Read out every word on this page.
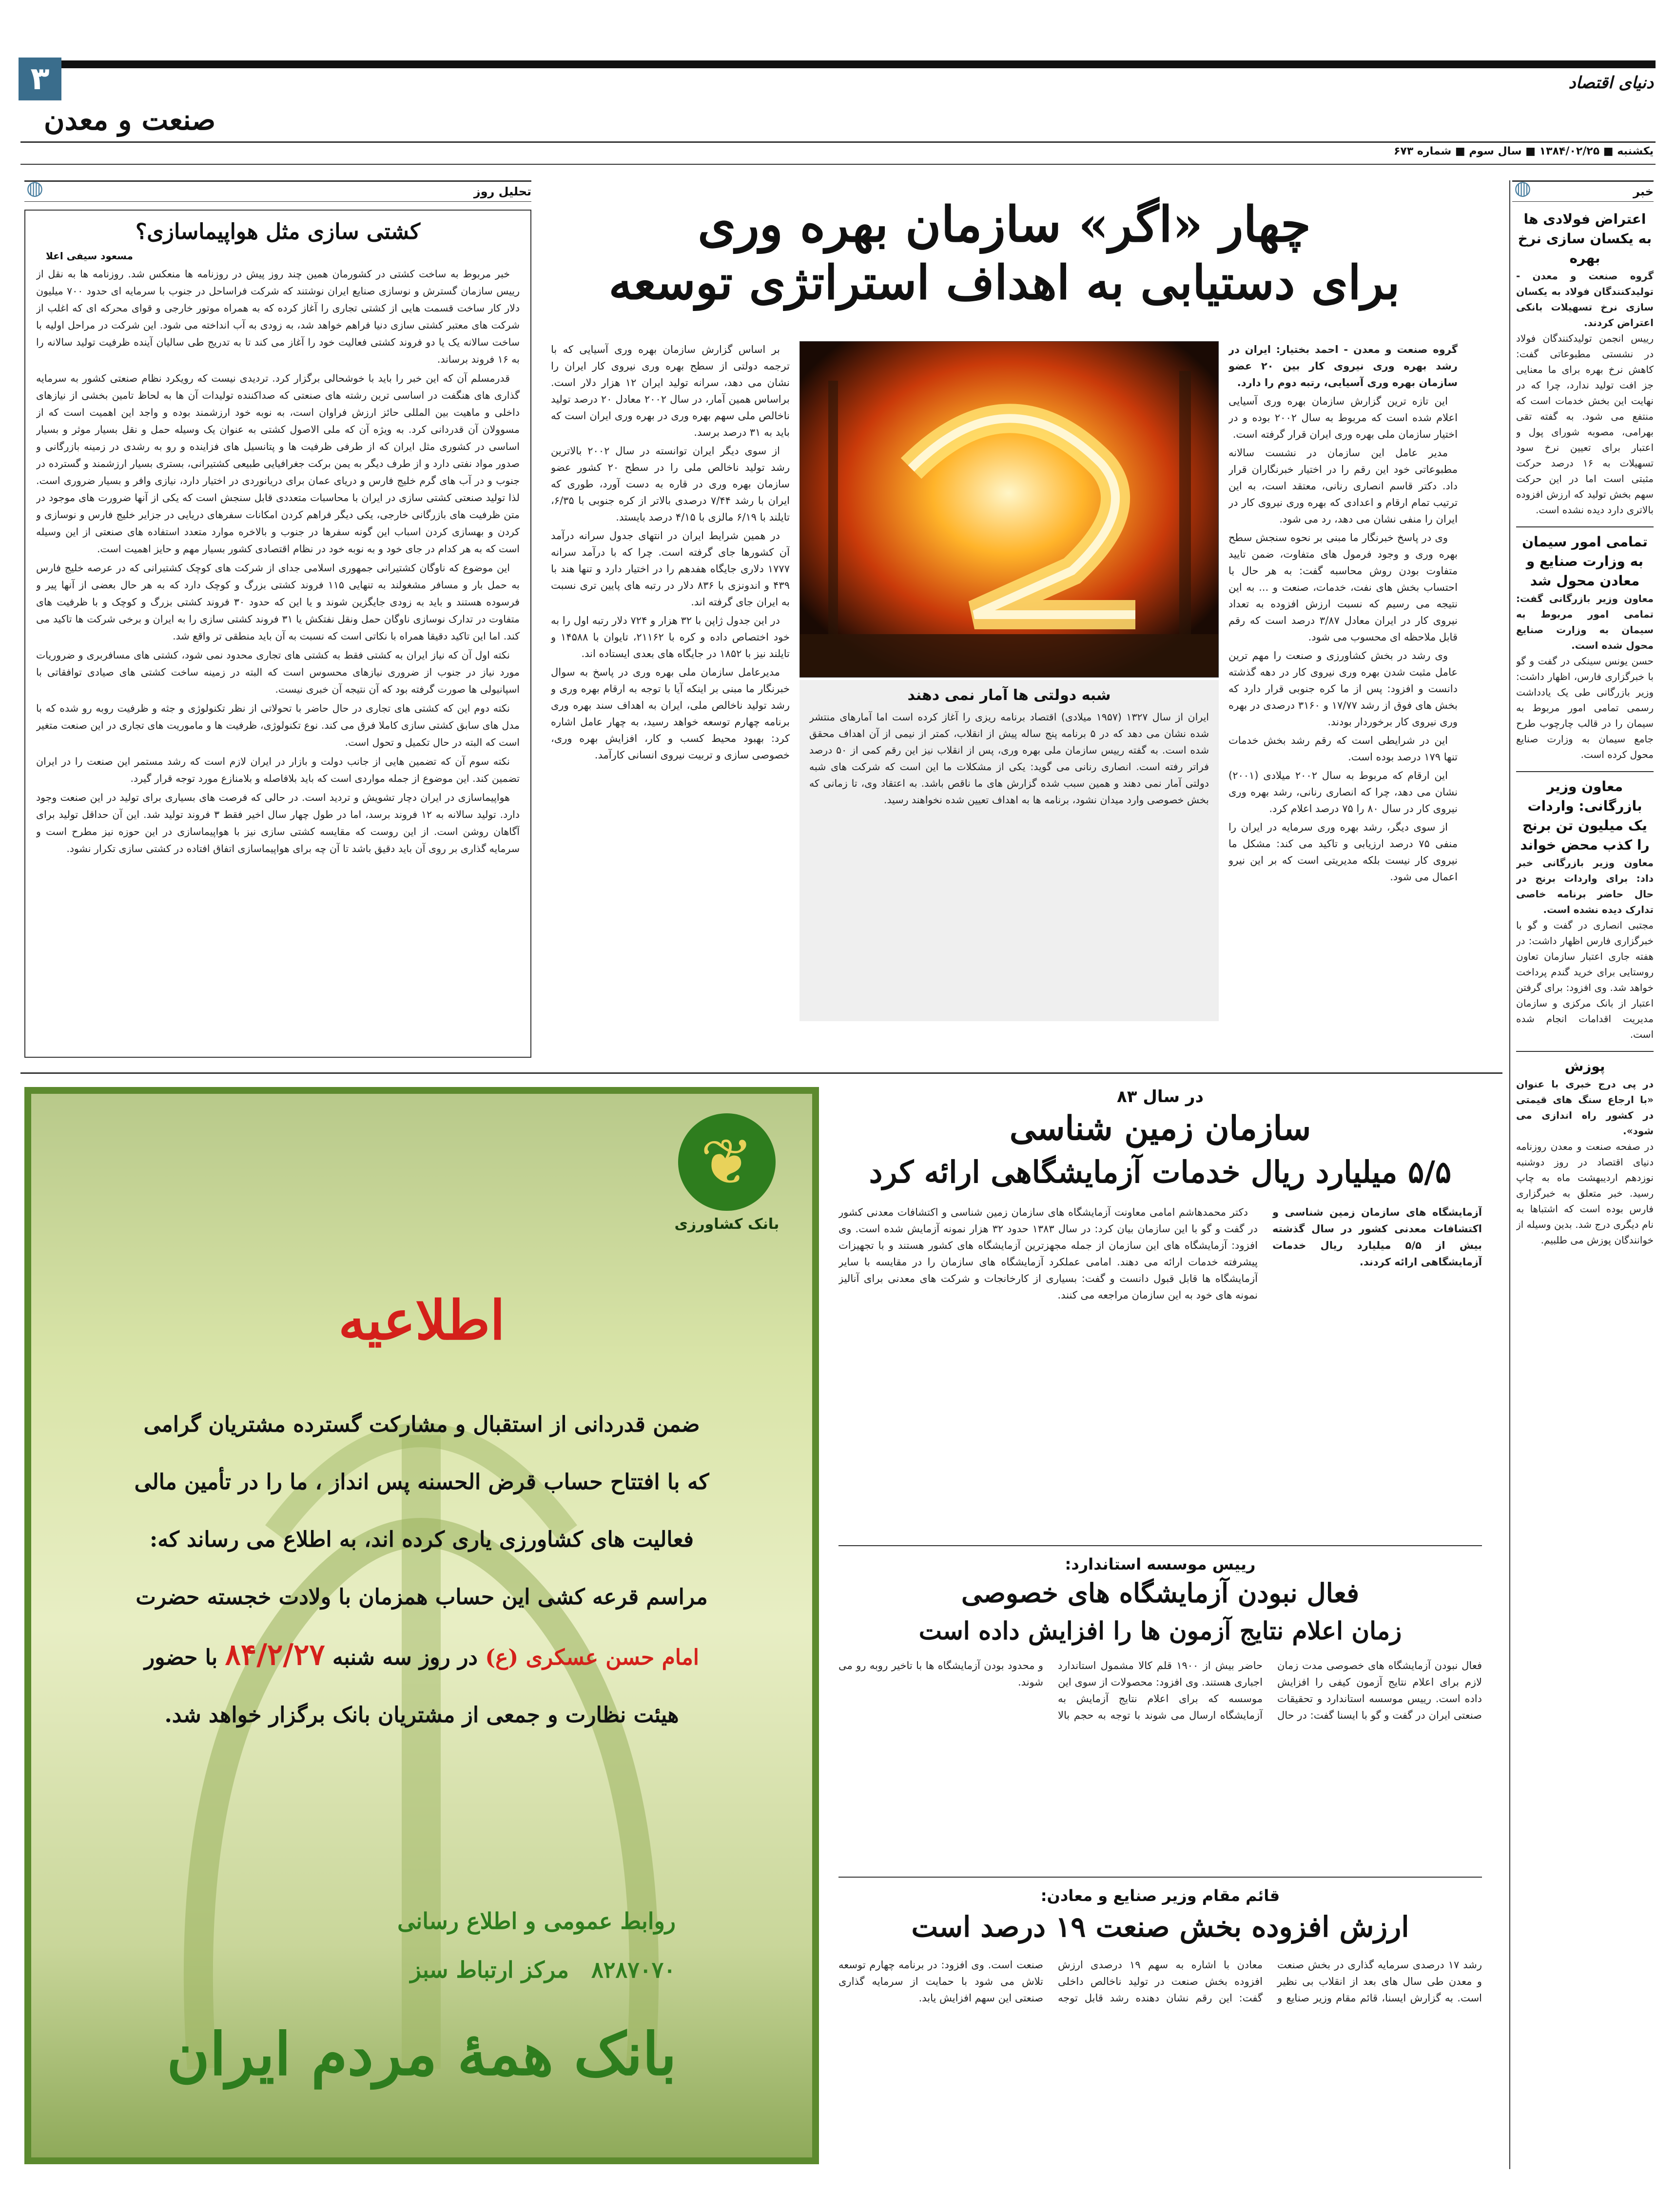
۳	دنیای اقتصاد
صنعت و معدن
یکشنبه ■ ۱۳۸۴/۰۲/۲۵ ■ سال سوم ■ شماره ۶۷۳
تحلیل روز
◍	خبر
◍
کشتی سازی مثل هواپیماسازی؟
مسعود سیفی اعلا

خبر مربوط به ساخت کشتی در کشورمان همین چند روز پیش در روزنامه ها منعکس شد. روزنامه ها به نقل از رییس سازمان گسترش و نوسازی صنایع ایران نوشتند که شرکت فراساحل در جنوب با سرمایه ای حدود ۷۰۰ میلیون دلار کار ساخت قسمت هایی از کشتی تجاری را آغاز کرده که به همراه موتور خارجی و قوای محرکه ای که اغلب از شرکت های معتبر کشتی سازی دنیا فراهم خواهد شد، به زودی به آب انداخته می شود. این شرکت در مراحل اولیه با ساخت سالانه یک یا دو فروند کشتی فعالیت خود را آغاز می کند تا به تدریج طی سالیان آینده ظرفیت تولید سالانه را به ۱۶ فروند برساند.

قدرمسلم آن که این خبر را باید با خوشحالی برگزار کرد. تردیدی نیست که رویکرد نظام صنعتی کشور به سرمایه گذاری های هنگفت در اساسی ترین رشته های صنعتی که صداکننده تولیدات آن ها به لحاظ تامین بخشی از نیازهای داخلی و ماهیت بین المللی حائز ارزش فراوان است، به نوبه خود ارزشمند بوده و واجد این اهمیت است که از مسوولان آن قدردانی کرد. به ویژه آن که ملی الاصول کشتی به عنوان یک وسیله حمل و نقل بسیار موثر و بسیار اساسی در کشوری مثل ایران که از طرفی ظرفیت ها و پتانسیل های فزاینده و رو به رشدی در زمینه بازرگانی و صدور مواد نفتی دارد و از طرف دیگر به یمن برکت جغرافیایی طبیعی کشتیرانی، بستری بسیار ارزشمند و گسترده در جنوب و در آب های گرم خلیج فارس و دریای عمان برای دریانوردی در اختیار دارد، نیازی وافر و بسیار ضروری است. لذا تولید صنعتی کشتی سازی در ایران با محاسبات متعددی قابل سنجش است که یکی از آنها ضرورت های موجود در متن ظرفیت های بازرگانی خارجی، یکی دیگر فراهم کردن امکانات سفرهای دریایی در جزایر خلیج فارس و نوسازی و کردن و بهسازی کردن اسباب این گونه سفرها در جنوب و بالاخره موارد متعدد استفاده های صنعتی از این وسیله است که به هر کدام در جای خود و به نوبه خود در نظام اقتصادی کشور بسیار مهم و حایز اهمیت است.

این موضوع که ناوگان کشتیرانی جمهوری اسلامی جدای از شرکت های کوچک کشتیرانی که در عرصه خلیج فارس به حمل بار و مسافر مشغولند به تنهایی ۱۱۵ فروند کشتی بزرگ و کوچک دارد که به هر حال بعضی از آنها پیر و فرسوده هستند و باید به زودی جایگزین شوند و یا این که حدود ۳۰ فروند کشتی بزرگ و کوچک و با ظرفیت های متفاوت در تدارک نوسازی ناوگان حمل ونقل نفتکش یا ۳۱ فروند کشتی سازی را به ایران و برخی شرکت ها تاکید می کند. اما این تاکید دقیقا همراه با نکاتی است که نسبت به آن باید منطقی تر واقع شد.

نکته اول آن که نیاز ایران به کشتی فقط به کشتی های تجاری محدود نمی شود، کشتی های مسافربری و ضروریات مورد نیاز در جنوب از ضروری نیازهای محسوس است که البته در زمینه ساخت کشتی های صیادی توافقاتی با اسپانیولی ها صورت گرفته بود که آن نتیجه آن خبری نیست.

نکته دوم این که کشتی های تجاری در حال حاضر با تحولاتی از نظر تکنولوژی و جثه و ظرفیت روبه رو شده که با مدل های سابق کشتی سازی کاملا فرق می کند. نوع تکنولوژی، ظرفیت ها و ماموریت های تجاری در این صنعت متغیر است که البته در حال تکمیل و تحول است.

نکته سوم آن که تضمین هایی از جانب دولت و بازار در ایران لازم است که رشد مستمر این صنعت را در ایران تضمین کند. این موضوع از جمله مواردی است که باید بلافاصله و بلامنازع مورد توجه قرار گیرد.

هواپیماسازی در ایران دچار تشویش و تردید است. در حالی که فرصت های بسیاری برای تولید در این صنعت وجود دارد. تولید سالانه به ۱۲ فروند برسد، اما در طول چهار سال اخیر فقط ۳ فروند تولید شد. این آن حداقل تولید برای آگاهان روشن است. از این روست که مقایسه کشتی سازی نیز با هواپیماسازی در این حوزه نیز مطرح است و سرمایه گذاری بر روی آن باید دقیق باشد تا آن چه برای هواپیماسازی اتفاق افتاده در کشتی سازی تکرار نشود.

چهار «اگر» سازمان بهره وری
برای دستیابی به اهداف استراتژی توسعه

گروه صنعت و معدن - احمد بختیار: ایران در رشد بهره وری نیروی کار بین ۲۰ عضو سازمان بهره وری آسیایی، رتبه دوم را دارد.

این تازه ترین گزارش سازمان بهره وری آسیایی اعلام شده است که مربوط به سال ۲۰۰۲ بوده و در اختیار سازمان ملی بهره وری ایران قرار گرفته است.

مدیر عامل این سازمان در نشست سالانه مطبوعاتی خود این رقم را در اختیار خبرنگاران قرار داد. دکتر قاسم انصاری رنانی، معتقد است، به این ترتیب تمام ارقام و اعدادی که بهره وری نیروی کار در ایران را منفی نشان می دهد، رد می شود.

وی در پاسخ خبرنگار ما مبنی بر نحوه سنجش سطح بهره وری و وجود فرمول های متفاوت، ضمن تایید متفاوت بودن روش محاسبه گفت: به هر حال با احتساب بخش های نفت، خدمات، صنعت و ... به این نتیجه می رسیم که نسبت ارزش افزوده به تعداد نیروی کار در ایران معادل ۳/۸۷ درصد است که رقم قابل ملاحظه ای محسوب می شود.

وی رشد در بخش کشاورزی و صنعت را مهم ترین عامل مثبت شدن بهره وری نیروی کار در دهه گذشته دانست و افزود: پس از ما کره جنوبی قرار دارد که بخش های فوق از رشد ۱۷/۷۷ و ۳۱۶۰ درصدی در بهره وری نیروی کار برخوردار بودند.

این در شرایطی است که رقم رشد بخش خدمات تنها ۱۷۹ درصد بوده است.

این ارقام که مربوط به سال ۲۰۰۲ میلادی (۲۰۰۱) نشان می دهد، چرا که انصاری رنانی، رشد بهره وری نیروی کار در سال ۸۰ را ۷۵ درصد اعلام کرد.

از سوی دیگر، رشد بهره وری سرمایه در ایران را منفی ۷۵ درصد ارزیابی و تاکید می کند: مشکل ما نیروی کار نیست بلکه مدیریتی است که بر این نیرو اعمال می شود.

شبه دولتی ها آمار نمی دهند
ایران از سال ۱۳۲۷ (۱۹۵۷ میلادی) اقتصاد برنامه ریزی را آغاز کرده است اما آمارهای منتشر شده نشان می دهد که در ۵ برنامه پنج ساله پیش از انقلاب، کمتر از نیمی از آن اهداف محقق شده است. به گفته رییس سازمان ملی بهره وری، پس از انقلاب نیز این رقم کمی از ۵۰ درصد فراتر رفته است. انصاری رنانی می گوید: یکی از مشکلات ما این است که شرکت های شبه دولتی آمار نمی دهند و همین سبب شده گزارش های ما ناقص باشد. به اعتقاد وی، تا زمانی که بخش خصوصی وارد میدان نشود، برنامه ها به اهداف تعیین شده نخواهند رسید.

بر اساس گزارش سازمان بهره وری آسیایی که با ترجمه دولتی از سطح بهره وری نیروی کار ایران را نشان می دهد، سرانه تولید ایران ۱۲ هزار دلار است. براساس همین آمار، در سال ۲۰۰۲ معادل ۲۰ درصد تولید ناخالص ملی سهم بهره وری در بهره وری ایران است که باید به ۳۱ درصد برسد.

از سوی دیگر ایران توانسته در سال ۲۰۰۲ بالاترین رشد تولید ناخالص ملی را در سطح ۲۰ کشور عضو سازمان بهره وری در قاره به دست آورد، طوری که ایران با رشد ۷/۴۴ درصدی بالاتر از کره جنوبی با ۶/۳۵، تایلند با ۶/۱۹ مالزی با ۴/۱۵ درصد بایستد.

در همین شرایط ایران در انتهای جدول سرانه درآمد آن کشورها جای گرفته است. چرا که با درآمد سرانه ۱۷۷۷ دلاری جایگاه هفدهم را در اختیار دارد و تنها هند با ۴۳۹ و اندونزی با ۸۳۶ دلار در رتبه های پایین تری نسبت به ایران جای گرفته اند.

در این جدول ژاپن با ۳۲ هزار و ۷۲۴ دلار رتبه اول را به خود اختصاص داده و کره با ۲۱۱۶۲، تایوان با ۱۴۵۸۸ و تایلند نیز با ۱۸۵۲ در جایگاه های بعدی ایستاده اند.

مدیرعامل سازمان ملی بهره وری در پاسخ به سوال خبرنگار ما مبنی بر اینکه آیا با توجه به ارقام بهره وری و رشد تولید ناخالص ملی، ایران به اهداف سند بهره وری برنامه چهارم توسعه خواهد رسید، به چهار عامل اشاره کرد: بهبود محیط کسب و کار، افزایش بهره وری، خصوصی سازی و تربیت نیروی انسانی کارآمد.

اعتراض فولادی ها به یکسان سازی نرخ بهره
گروه صنعت و معدن - تولیدکنندگان فولاد به یکسان سازی نرخ تسهیلات بانکی اعتراض کردند.
رییس انجمن تولیدکنندگان فولاد در نشستی مطبوعاتی گفت: کاهش نرخ بهره برای ما معنایی جز افت تولید ندارد، چرا که در نهایت این بخش خدمات است که منتفع می شود. به گفته تقی بهرامی، مصوبه شورای پول و اعتبار برای تعیین نرخ سود تسهیلات به ۱۶ درصد حرکت مثبتی است اما در این حرکت سهم بخش تولید که ارزش افزوده بالاتری دارد دیده نشده است.
تمامی امور سیمان به وزارت صنایع و معادن محول شد
معاون وزیر بازرگانی گفت: تمامی امور مربوط به سیمان به وزارت صنایع محول شده است.
حسن یونس سینکی در گفت و گو با خبرگزاری فارس، اظهار داشت: وزیر بازرگانی طی یک یادداشت رسمی تمامی امور مربوط به سیمان را در قالب چارچوب طرح جامع سیمان به وزارت صنایع محول کرده است.
معاون وزیر بازرگانی: واردات یک میلیون تن برنج را کذب محض خواند
معاون وزیر بازرگانی خبر داد: برای واردات برنج در حال حاضر برنامه خاصی تدارک دیده نشده است.
مجتبی انصاری در گفت و گو با خبرگزاری فارس اظهار داشت: در هفته جاری اعتبار سازمان تعاون روستایی برای خرید گندم پرداخت خواهد شد. وی افزود: برای گرفتن اعتبار از بانک مرکزی و سازمان مدیریت اقدامات انجام شده است.
پوزش
در پی درج خبری با عنوان «با ارجاع سنگ های قیمتی در کشور راه اندازی می شود».
در صفحه صنعت و معدن روزنامه دنیای اقتصاد در روز دوشنبه نوزدهم اردیبهشت ماه به چاپ رسید. خبر متعلق به خبرگزاری فارس بوده است که اشتباها به نام دیگری درج شد. بدین وسیله از خوانندگان پوزش می طلبیم.
❦
بانک کشاورزی
اطلاعیه
ضمن قدردانی از استقبال و مشارکت گسترده مشتریان گرامی
که با افتتاح حساب قرض الحسنه پس انداز ، ما را در تأمین مالی
فعالیت های کشاورزی یاری کرده اند، به اطلاع می رساند که:
مراسم قرعه کشی این حساب همزمان با ولادت خجسته حضرت
امام حسن عسکری (ع) در روز سه شنبه ۸۴/۲/۲۷ با حضور
هیئت نظارت و جمعی از مشتریان بانک برگزار خواهد شد.
روابط عمومی و اطلاع رسانی
۸۲۸۷۰۷۰ مرکز ارتباط سبز
بانک همهٔ مردم ایران
در سال ۸۳
سازمان زمین شناسی
۵/۵ میلیارد ریال خدمات آزمایشگاهی ارائه کرد

آزمایشگاه های سازمان زمین شناسی و اکتشافات معدنی کشور در سال گذشته بیش از ۵/۵ میلیارد ریال خدمات آزمایشگاهی ارائه کردند.

دکتر محمدهاشم امامی معاونت آزمایشگاه های سازمان زمین شناسی و اکتشافات معدنی کشور در گفت و گو با این سازمان بیان کرد: در سال ۱۳۸۳ حدود ۳۲ هزار نمونه آزمایش شده است. وی افزود: آزمایشگاه های این سازمان از جمله مجهزترین آزمایشگاه های کشور هستند و با تجهیزات پیشرفته خدمات ارائه می دهند. امامی عملکرد آزمایشگاه های سازمان را در مقایسه با سایر آزمایشگاه ها قابل قبول دانست و گفت: بسیاری از کارخانجات و شرکت های معدنی برای آنالیز نمونه های خود به این سازمان مراجعه می کنند.

رییس موسسه استاندارد:
فعال نبودن آزمایشگاه های خصوصی
زمان اعلام نتایج آزمون ها را افزایش داده است
فعال نبودن آزمایشگاه های خصوصی مدت زمان لازم برای اعلام نتایج آزمون کیفی را افزایش داده است. رییس موسسه استاندارد و تحقیقات صنعتی ایران در گفت و گو با ایسنا گفت: در حال حاضر بیش از ۱۹۰۰ قلم کالا مشمول استاندارد اجباری هستند. وی افزود: محصولات از سوی این موسسه که برای اعلام نتایج آزمایش به آزمایشگاه ارسال می شوند با توجه به حجم بالا و محدود بودن آزمایشگاه ها با تاخیر روبه رو می شوند.
قائم مقام وزیر صنایع و معادن:
ارزش افزوده بخش صنعت ۱۹ درصد است
رشد ۱۷ درصدی سرمایه گذاری در بخش صنعت و معدن طی سال های بعد از انقلاب بی نظیر است. به گزارش ایسنا، قائم مقام وزیر صنایع و معادن با اشاره به سهم ۱۹ درصدی ارزش افزوده بخش صنعت در تولید ناخالص داخلی گفت: این رقم نشان دهنده رشد قابل توجه صنعت است. وی افزود: در برنامه چهارم توسعه تلاش می شود با حمایت از سرمایه گذاری صنعتی این سهم افزایش یابد.
